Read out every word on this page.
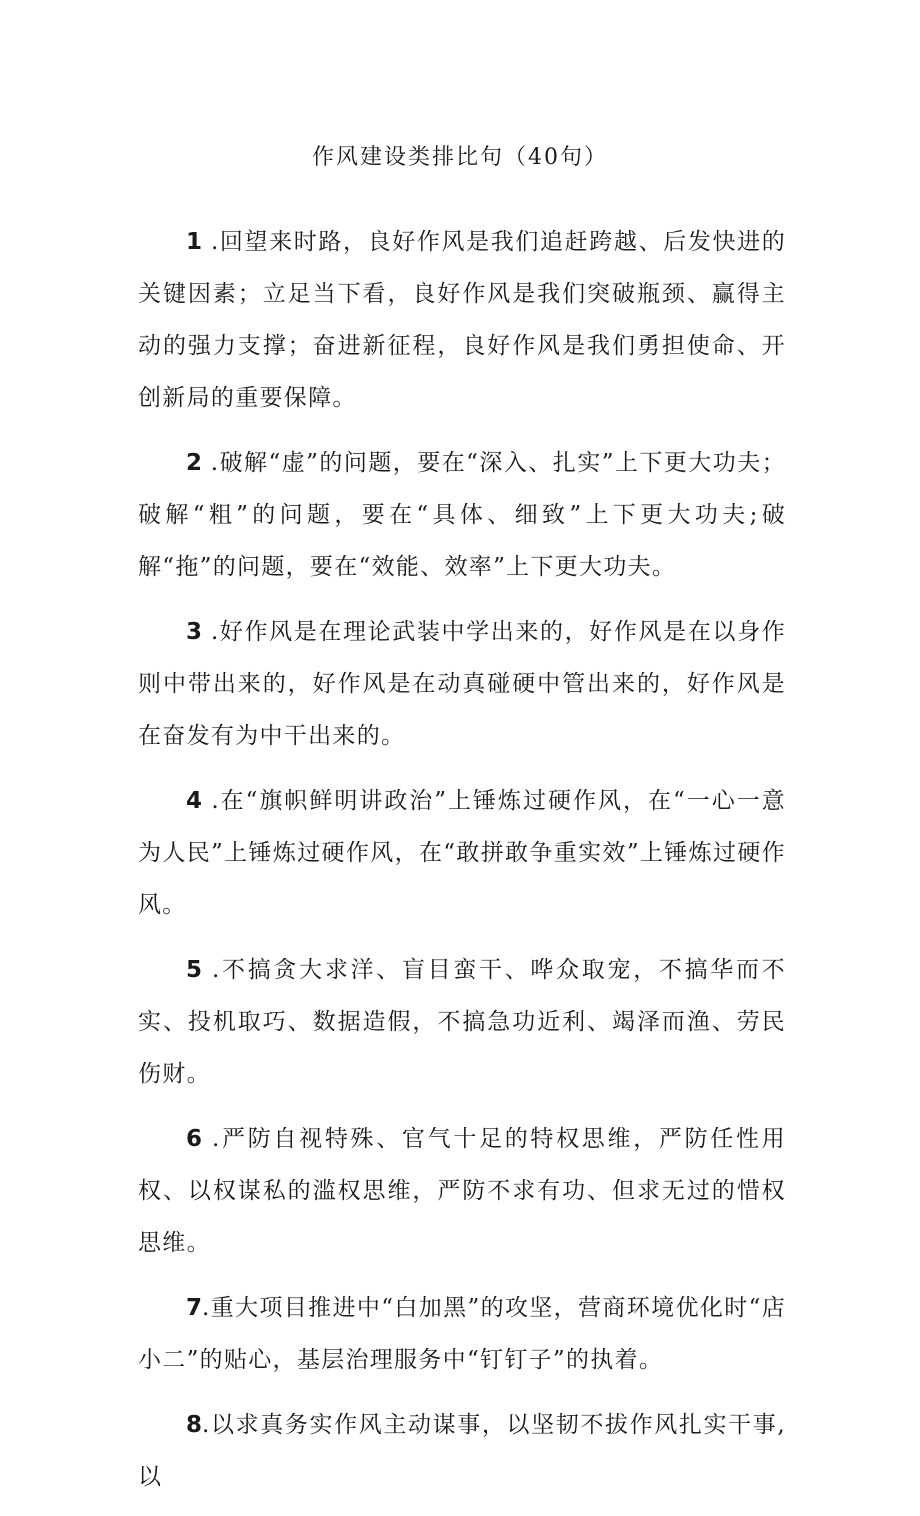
作风建设类排比句（40句）

1 .回望来时路，良好作风是我们追赶跨越、后发快进的关键因素；立足当下看，良好作风是我们突破瓶颈、赢得主动的强力支撑；奋进新征程，良好作风是我们勇担使命、开创新局的重要保障。

2 .破解“虚”的问题，要在“深入、扎实”上下更大功夫；破解“粗”的问题，要在“具体、细致”上下更大功夫;破解“拖”的问题，要在“效能、效率”上下更大功夫。

3 .好作风是在理论武装中学出来的，好作风是在以身作则中带出来的，好作风是在动真碰硬中管出来的，好作风是在奋发有为中干出来的。

4 .在“旗帜鲜明讲政治”上锤炼过硬作风，在“一心一意为人民”上锤炼过硬作风，在“敢拼敢争重实效”上锤炼过硬作风。

5 .不搞贪大求洋、盲目蛮干、哗众取宠，不搞华而不实、投机取巧、数据造假，不搞急功近利、竭泽而渔、劳民伤财。

6 .严防自视特殊、官气十足的特权思维，严防任性用权、以权谋私的滥权思维，严防不求有功、但求无过的惜权思维。

7.重大项目推进中“白加黑”的攻坚，营商环境优化时“店小二”的贴心，基层治理服务中“钉钉子”的执着。

8.以求真务实作风主动谋事，以坚韧不拔作风扎实干事,以
